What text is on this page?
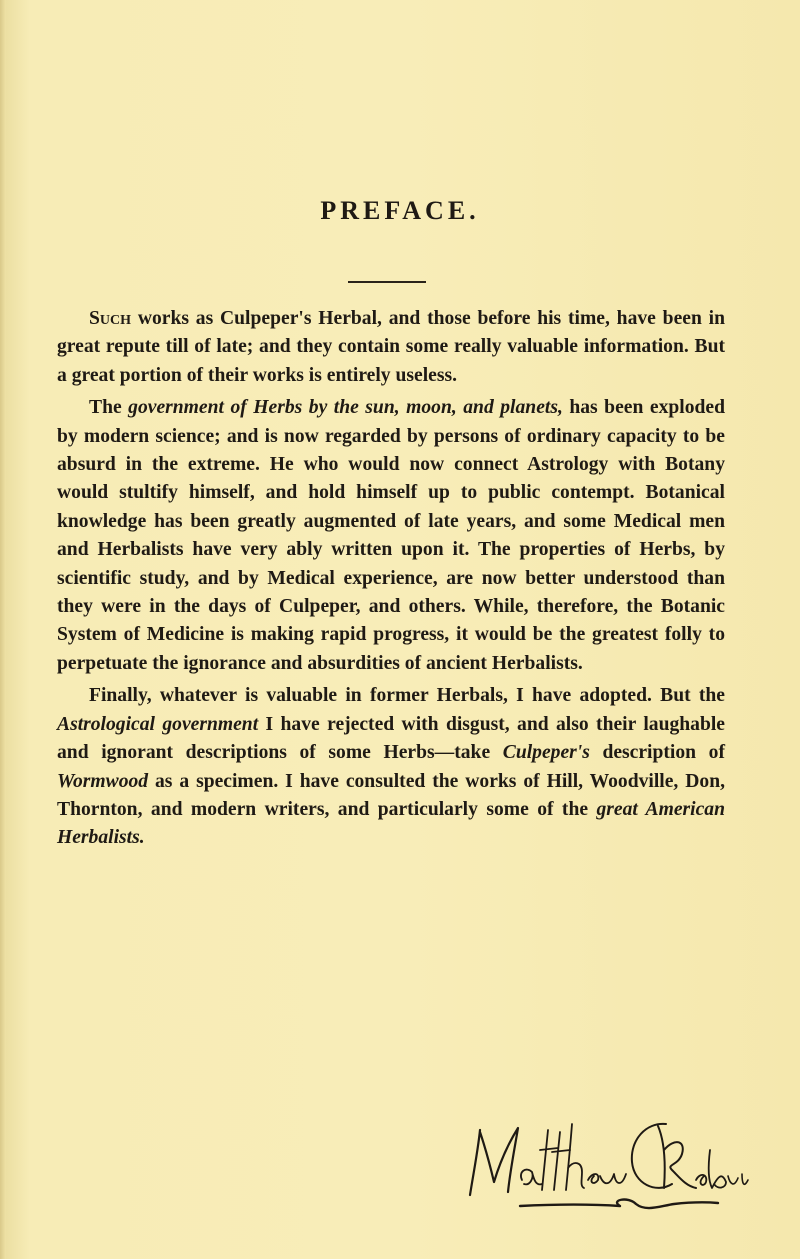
PREFACE.

Such works as Culpeper's Herbal, and those before his time, have been in great repute till of late; and they contain some really valuable information. But a great portion of their works is entirely useless.

The government of Herbs by the sun, moon, and planets, has been exploded by modern science; and is now regarded by persons of ordinary capacity to be absurd in the extreme. He who would now connect Astrology with Botany would stultify himself, and hold himself up to public contempt. Botanical knowledge has been greatly augmented of late years, and some Medical men and Herbalists have very ably written upon it. The properties of Herbs, by scientific study, and by Medical experience, are now better understood than they were in the days of Culpeper, and others. While, therefore, the Botanic System of Medicine is making rapid progress, it would be the greatest folly to perpetuate the ignorance and absurdities of ancient Herbalists.

Finally, whatever is valuable in former Herbals, I have adopted. But the Astrological government I have rejected with disgust, and also their laughable and ignorant descriptions of some Herbs—take Culpeper's description of Wormwood as a specimen. I have consulted the works of Hill, Woodville, Don, Thornton, and modern writers, and particularly some of the great American Herbalists.
